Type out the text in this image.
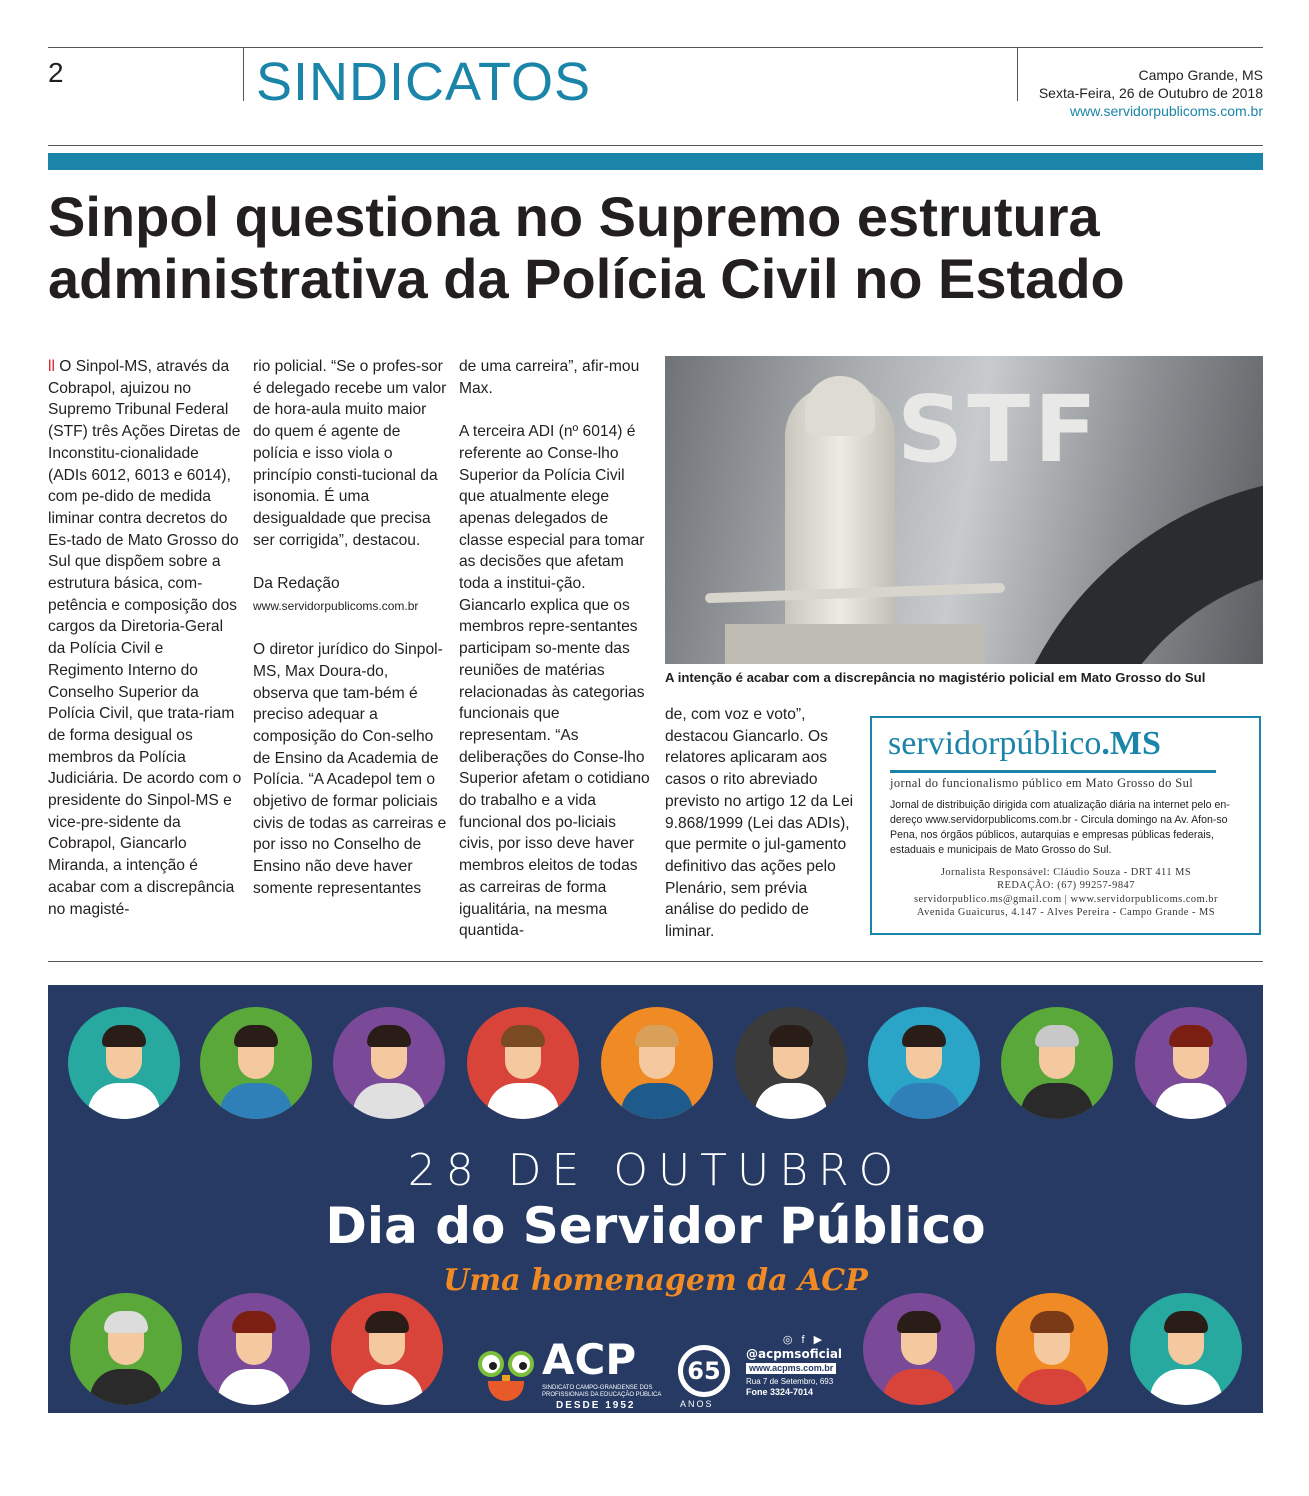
2	SINDICATOS	Campo Grande, MS
Sexta-Feira, 26 de Outubro de 2018
www.servidorpublicoms.com.br
Sinpol questiona no Supremo estrutura administrativa da Polícia Civil no Estado

ll O Sinpol-MS, através da Cobrapol, ajuizou no Supremo Tribunal Federal (STF) três Ações Diretas de Inconstitu-cionalidade (ADIs 6012, 6013 e 6014), com pe-dido de medida liminar contra decretos do Es-tado de Mato Grosso do Sul que dispõem sobre a estrutura básica, com-petência e composição dos cargos da Diretoria-Geral da Polícia Civil e Regimento Interno do Conselho Superior da Polícia Civil, que trata-riam de forma desigual os membros da Polícia Judiciária. De acordo com o presidente do Sinpol-MS e vice-pre-sidente da Cobrapol, Giancarlo Miranda, a intenção é acabar com a discrepância no magisté-

rio policial. “Se o profes-sor é delegado recebe um valor de hora-aula muito maior do quem é agente de polícia e isso viola o princípio consti-tucional da isonomia. É uma desigualdade que precisa ser corrigida”, destacou.

Da Redação
www.servidorpublicoms.com.br

O diretor jurídico do Sinpol-MS, Max Doura-do, observa que tam-bém é preciso adequar a composição do Con-selho de Ensino da Academia de Polícia. “A Acadepol tem o objetivo de formar policiais civis de todas as carreiras e por isso no Conselho de Ensino não deve haver somente representantes

de uma carreira”, afir-mou Max.

A terceira ADI (nº 6014) é referente ao Conse-lho Superior da Polícia Civil que atualmente elege apenas delegados de classe especial para tomar as decisões que afetam toda a institui-ção. Giancarlo explica que os membros repre-sentantes participam so-mente das reuniões de matérias relacionadas às categorias funcionais que representam. “As deliberações do Conse-lho Superior afetam o cotidiano do trabalho e a vida funcional dos po-liciais civis, por isso deve haver membros eleitos de todas as carreiras de forma igualitária, na mesma quantida-

STF
A intenção é acabar com a discrepância no magistério policial em Mato Grosso do Sul

de, com voz e voto”, destacou Giancarlo. Os relatores aplicaram aos casos o rito abreviado previsto no artigo 12 da Lei 9.868/1999 (Lei das ADIs), que permite o jul-gamento definitivo das ações pelo Plenário, sem prévia análise do pedido de liminar.

servidorpúblico.MS
jornal do funcionalismo público em Mato Grosso do Sul
Jornal de distribuição dirigida com atualização diária na internet pelo en-dereço www.servidorpublicoms.com.br - Circula domingo na Av. Afon-so Pena, nos órgãos públicos, autarquias e empresas públicas federais, estaduais e municipais de Mato Grosso do Sul.
Jornalista Responsável: Cláudio Souza - DRT 411 MS
REDAÇÃO: (67) 99257-9847
servidorpublico.ms@gmail.com | www.servidorpublicoms.com.br
Avenida Guaicurus, 4.147 - Alves Pereira - Campo Grande - MS
28 DE OUTUBRO
Dia do Servidor Público
Uma homenagem da ACP
ACP
SINDICATO CAMPO-GRANDENSE DOS PROFISSIONAIS DA EDUCAÇÃO PÚBLICA
DESDE 1952
65
ANOS
◎ f ▶
@acpmsoficial
www.acpms.com.br
Rua 7 de Setembro, 693
Fone 3324-7014
